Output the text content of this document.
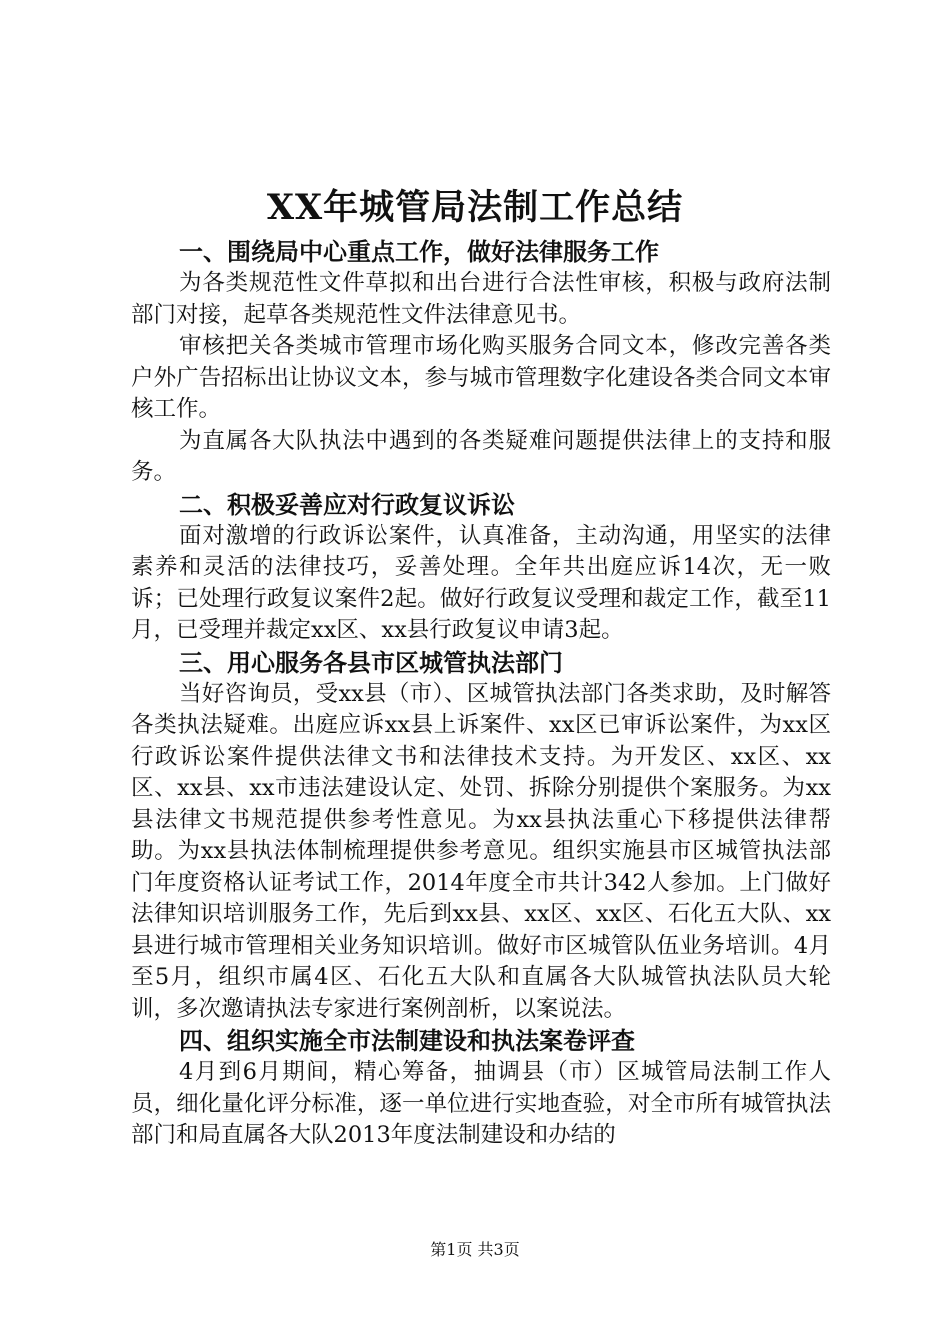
XX年城管局法制工作总结
一、围绕局中心重点工作，做好法律服务工作

为各类规范性文件草拟和出台进行合法性审核，积极与政府法制部门对接，起草各类规范性文件法律意见书。

审核把关各类城市管理市场化购买服务合同文本，修改完善各类户外广告招标出让协议文本，参与城市管理数字化建设各类合同文本审核工作。

为直属各大队执法中遇到的各类疑难问题提供法律上的支持和服务。

二、积极妥善应对行政复议诉讼

面对激增的行政诉讼案件，认真准备，主动沟通，用坚实的法律素养和灵活的法律技巧，妥善处理。全年共出庭应诉14次，无一败诉；已处理行政复议案件2起。做好行政复议受理和裁定工作，截至11月，已受理并裁定xx区、xx县行政复议申请3起。

三、用心服务各县市区城管执法部门

当好咨询员，受xx县（市）、区城管执法部门各类求助，及时解答各类执法疑难。出庭应诉xx县上诉案件、xx区已审诉讼案件，为xx区行政诉讼案件提供法律文书和法律技术支持。为开发区、xx区、xx区、xx县、xx市违法建设认定、处罚、拆除分别提供个案服务。为xx县法律文书规范提供参考性意见。为xx县执法重心下移提供法律帮助。为xx县执法体制梳理提供参考意见。组织实施县市区城管执法部门年度资格认证考试工作，2014年度全市共计342人参加。上门做好法律知识培训服务工作，先后到xx县、xx区、xx区、石化五大队、xx县进行城市管理相关业务知识培训。做好市区城管队伍业务培训。4月至5月，组织市属4区、石化五大队和直属各大队城管执法队员大轮训，多次邀请执法专家进行案例剖析，以案说法。

四、组织实施全市法制建设和执法案卷评查

4月到6月期间，精心筹备，抽调县（市）区城管局法制工作人员，细化量化评分标准，逐一单位进行实地查验，对全市所有城管执法部门和局直属各大队2013年度法制建设和办结的

第1页 共3页
